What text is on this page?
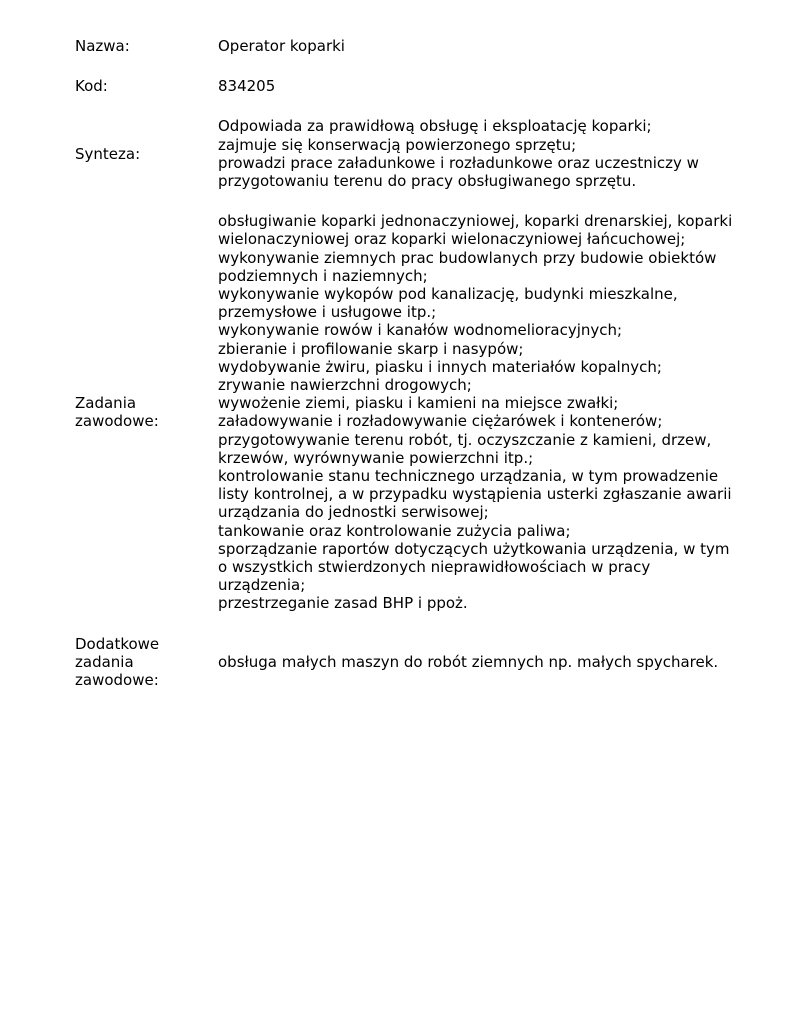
Nazwa:	Operator koparki
Kod:	834205
Synteza:
Odpowiada za prawidłową obsługę i eksploatację koparki;
zajmuje się konserwacją powierzonego sprzętu;
prowadzi prace załadunkowe i rozładunkowe oraz uczestniczy w
przygotowaniu terenu do pracy obsługiwanego sprzętu.
Zadania
zawodowe:
obsługiwanie koparki jednonaczyniowej, koparki drenarskiej, koparki
wielonaczyniowej oraz koparki wielonaczyniowej łańcuchowej;
wykonywanie ziemnych prac budowlanych przy budowie obiektów
podziemnych i naziemnych;
wykonywanie wykopów pod kanalizację, budynki mieszkalne,
przemysłowe i usługowe itp.;
wykonywanie rowów i kanałów wodnomelioracyjnych;
zbieranie i profilowanie skarp i nasypów;
wydobywanie żwiru, piasku i innych materiałów kopalnych;
zrywanie nawierzchni drogowych;
wywożenie ziemi, piasku i kamieni na miejsce zwałki;
załadowywanie i rozładowywanie ciężarówek i kontenerów;
przygotowywanie terenu robót, tj. oczyszczanie z kamieni, drzew,
krzewów, wyrównywanie powierzchni itp.;
kontrolowanie stanu technicznego urządzania, w tym prowadzenie
listy kontrolnej, a w przypadku wystąpienia usterki zgłaszanie awarii
urządzania do jednostki serwisowej;
tankowanie oraz kontrolowanie zużycia paliwa;
sporządzanie raportów dotyczących użytkowania urządzenia, w tym
o wszystkich stwierdzonych nieprawidłowościach w pracy
urządzenia;
przestrzeganie zasad BHP i ppoż.
Dodatkowe
zadania
zawodowe:
obsługa małych maszyn do robót ziemnych np. małych spycharek.
